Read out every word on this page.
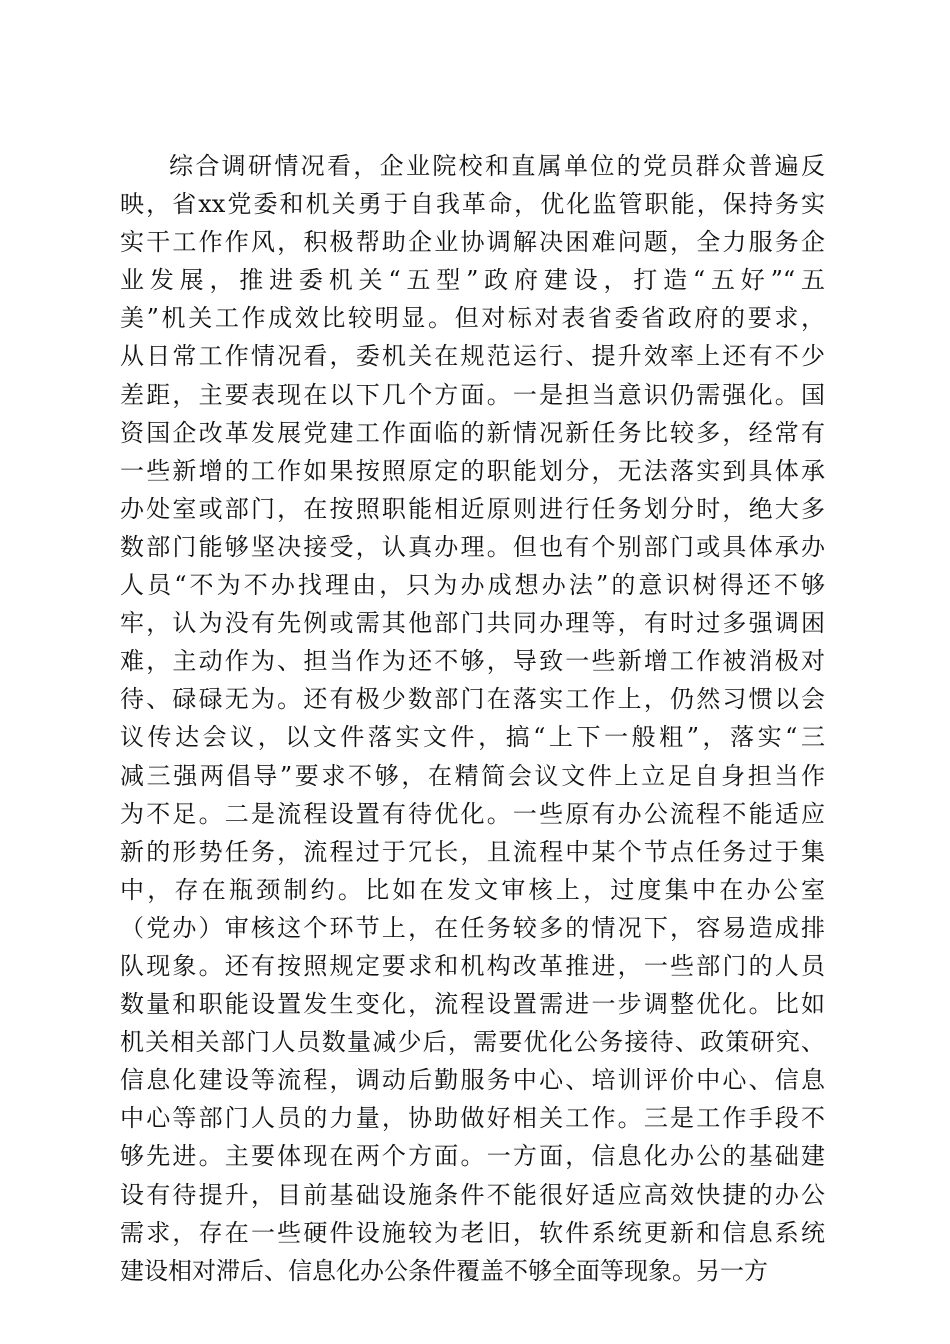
综合调研情况看，企业院校和直属单位的党员群众普遍反
映，省xx党委和机关勇于自我革命，优化监管职能，保持务实
实干工作作风，积极帮助企业协调解决困难问题，全力服务企
业发展，推进委机关“五型”政府建设，打造“五好”“五
美”机关工作成效比较明显。但对标对表省委省政府的要求，
从日常工作情况看，委机关在规范运行、提升效率上还有不少
差距，主要表现在以下几个方面。一是担当意识仍需强化。国
资国企改革发展党建工作面临的新情况新任务比较多，经常有
一些新增的工作如果按照原定的职能划分，无法落实到具体承
办处室或部门，在按照职能相近原则进行任务划分时，绝大多
数部门能够坚决接受，认真办理。但也有个别部门或具体承办
人员“不为不办找理由，只为办成想办法”的意识树得还不够
牢，认为没有先例或需其他部门共同办理等，有时过多强调困
难，主动作为、担当作为还不够，导致一些新增工作被消极对
待、碌碌无为。还有极少数部门在落实工作上，仍然习惯以会
议传达会议，以文件落实文件，搞“上下一般粗”，落实“三
减三强两倡导”要求不够，在精简会议文件上立足自身担当作
为不足。二是流程设置有待优化。一些原有办公流程不能适应
新的形势任务，流程过于冗长，且流程中某个节点任务过于集
中，存在瓶颈制约。比如在发文审核上，过度集中在办公室
（党办）审核这个环节上，在任务较多的情况下，容易造成排
队现象。还有按照规定要求和机构改革推进，一些部门的人员
数量和职能设置发生变化，流程设置需进一步调整优化。比如
机关相关部门人员数量减少后，需要优化公务接待、政策研究、
信息化建设等流程，调动后勤服务中心、培训评价中心、信息
中心等部门人员的力量，协助做好相关工作。三是工作手段不
够先进。主要体现在两个方面。一方面，信息化办公的基础建
设有待提升，目前基础设施条件不能很好适应高效快捷的办公
需求，存在一些硬件设施较为老旧，软件系统更新和信息系统
建设相对滞后、信息化办公条件覆盖不够全面等现象。另一方
